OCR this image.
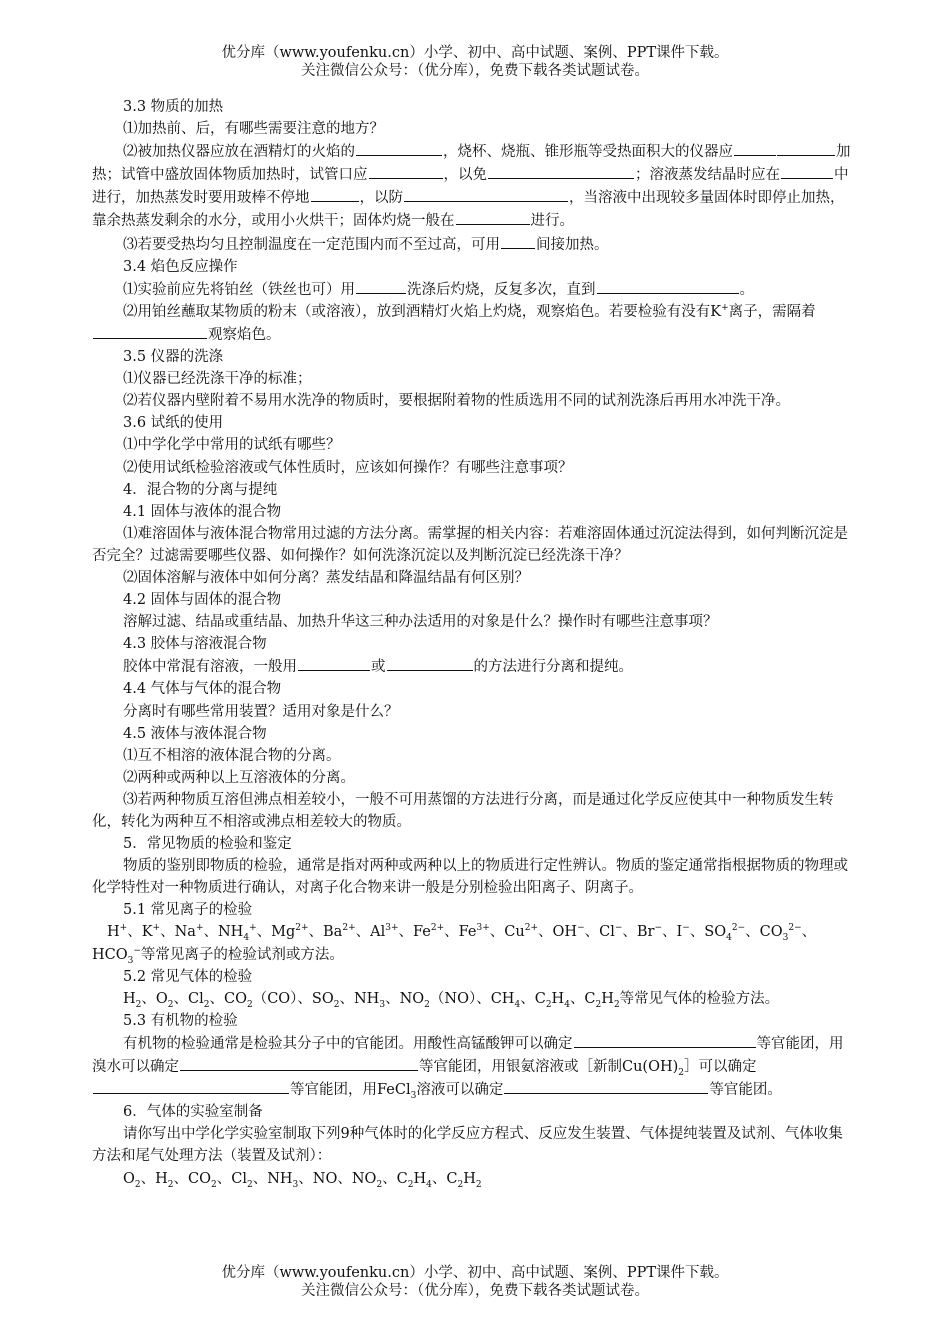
优分库（www.youfenku.cn）小学、初中、高中试题、案例、PPT课件下载。
关注微信公众号：（优分库），免费下载各类试题试卷。

3.3 物质的加热

⑴加热前、后，有哪些需要注意的地方？

⑵被加热仪器应放在酒精灯的火焰的	，烧杯、烧瓶、锥形瓶等受热面积大的仪器应	加热；试管中盛放固体物质加热时，试管口应	，以免	；溶液蒸发结晶时应在	中进行，加热蒸发时要用玻棒不停地	，以防	，当溶液中出现较多量固体时即停止加热，靠余热蒸发剩余的水分，或用小火烘干；固体灼烧一般在	进行。

⑶若要受热均匀且控制温度在一定范围内而不至过高，可用 间接加热。

3.4 焰色反应操作

⑴实验前应先将铂丝（铁丝也可）用	洗涤后灼烧，反复多次，直到	。

⑵用铂丝蘸取某物质的粉末（或溶液），放到酒精灯火焰上灼烧，观察焰色。若要检验有没有K+离子，需隔着观察焰色。

3.5 仪器的洗涤

⑴仪器已经洗涤干净的标准；

⑵若仪器内壁附着不易用水洗净的物质时，要根据附着物的性质选用不同的试剂洗涤后再用水冲洗干净。

3.6 试纸的使用

⑴中学化学中常用的试纸有哪些？

⑵使用试纸检验溶液或气体性质时，应该如何操作？有哪些注意事项？

4．混合物的分离与提纯

4.1 固体与液体的混合物

⑴难溶固体与液体混合物常用过滤的方法分离。需掌握的相关内容：若难溶固体通过沉淀法得到，如何判断沉淀是否完全？过滤需要哪些仪器、如何操作？如何洗涤沉淀以及判断沉淀已经洗涤干净？

⑵固体溶解与液体中如何分离？蒸发结晶和降温结晶有何区别？

4.2 固体与固体的混合物

溶解过滤、结晶或重结晶、加热升华这三种办法适用的对象是什么？操作时有哪些注意事项？

4.3 胶体与溶液混合物

胶体中常混有溶液，一般用	或	的方法进行分离和提纯。

4.4 气体与气体的混合物

分离时有哪些常用装置？适用对象是什么？

4.5 液体与液体混合物

⑴互不相溶的液体混合物的分离。

⑵两种或两种以上互溶液体的分离。

⑶若两种物质互溶但沸点相差较小，一般不可用蒸馏的方法进行分离，而是通过化学反应使其中一种物质发生转化，转化为两种互不相溶或沸点相差较大的物质。

5．常见物质的检验和鉴定

物质的鉴别即物质的检验，通常是指对两种或两种以上的物质进行定性辨认。物质的鉴定通常指根据物质的物理或化学特性对一种物质进行确认，对离子化合物来讲一般是分别检验出阳离子、阴离子。

5.1 常见离子的检验

H+、K+、Na+、$NH_4^+$、$Mg^{2+}$、$Ba^{2+}$、$Al^{3+}$、$Fe^{2+}$、$Fe^{3+}$、$Cu^{2+}$、OH−、Cl−、Br−、I−、$SO_4^{2-}$、$CO_3^{2-}$、$HCO_3^-$等常见离子的检验试剂或方法。

5.2 常见气体的检验

$H_2$、$O_2$、$Cl_2$、$CO_2(CO)$、$SO_2$、$NH_3$、$NO_2(NO)$、$CH_4$、$C_2H_4$、$C_2H_2$等常见气体的检验方法。

5.3 有机物的检验

有机物的检验通常是检验其分子中的官能团。用酸性高锰酸钾可以确定	等官能团，用溴水可以确定	等官能团，用银氨溶液或［新制$Cu(OH)_2]$可以确定等官能团，用FeCl$_3$溶液可以确定	等官能团。

6．气体的实验室制备

请你写出中学化学实验室制取下列9种气体时的化学反应方程式、反应发生装置、气体提纯装置及试剂、气体收集方法和尾气处理方法（装置及试剂）：

$O_2$、$H_2$、$CO_2$、$Cl_2$、$NH_3$、NO、$NO_2$、$C_2H_4$、$C_2H_2$

优分库（www.youfenku.cn）小学、初中、高中试题、案例、PPT课件下载。
关注微信公众号：（优分库），免费下载各类试题试卷。
